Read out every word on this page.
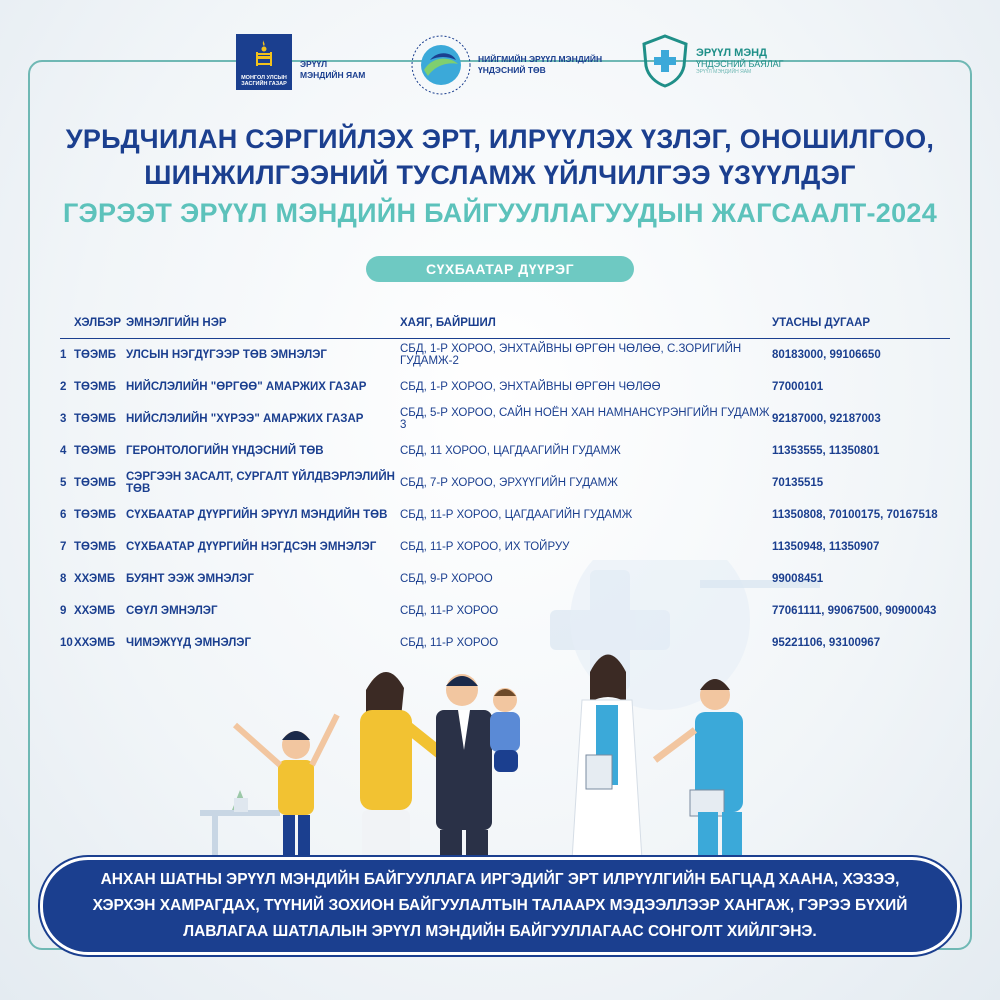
МОНГОЛ УЛСЫН ЗАСГИЙН ГАЗАР
ЭРҮҮЛ
МЭНДИЙН ЯАМ
НИЙГМИЙН ЭРҮҮЛ МЭНДИЙН
ҮНДЭСНИЙ ТӨВ
ЭРҮҮЛ МЭНД
ҮНДЭСНИЙ БАЯЛАГ
ЭРҮҮЛ МЭНДИЙН ЯАМ
УРЬДЧИЛАН СЭРГИЙЛЭХ ЭРТ, ИЛРҮҮЛЭХ ҮЗЛЭГ, ОНОШИЛГОО,
ШИНЖИЛГЭЭНИЙ ТУСЛАМЖ ҮЙЛЧИЛГЭЭ ҮЗҮҮЛДЭГ
ГЭРЭЭТ ЭРҮҮЛ МЭНДИЙН БАЙГУУЛЛАГУУДЫН ЖАГСААЛТ-2024
СҮХБААТАР ДҮҮРЭГ
ХЭЛБЭР ЭМНЭЛГИЙН НЭР	ХАЯГ, БАЙРШИЛ	УТАСНЫ ДУГААР
1 ТӨЭМБ УЛСЫН НЭГДҮГЭЭР ТӨВ ЭМНЭЛЭГ	СБД, 1-Р ХОРОО, ЭНХТАЙВНЫ ӨРГӨН ЧӨЛӨӨ, С.ЗОРИГИЙН ГУДАМЖ-2	80183000, 99106650
2 ТӨЭМБ НИЙСЛЭЛИЙН "ӨРГӨӨ" АМАРЖИХ ГАЗАР	СБД, 1-Р ХОРОО, ЭНХТАЙВНЫ ӨРГӨН ЧӨЛӨӨ	77000101
3 ТӨЭМБ НИЙСЛЭЛИЙН "ХҮРЭЭ" АМАРЖИХ ГАЗАР	СБД, 5-Р ХОРОО, САЙН НОЁН ХАН НАМНАНСҮРЭНГИЙН ГУДАМЖ 3	92187000, 92187003
4 ТӨЭМБ ГЕРОНТОЛОГИЙН ҮНДЭСНИЙ ТӨВ	СБД, 11 ХОРОО, ЦАГДААГИЙН ГУДАМЖ	11353555, 11350801
5 ТӨЭМБ СЭРГЭЭН ЗАСАЛТ, СУРГАЛТ ҮЙЛДВЭРЛЭЛИЙН ТӨВ	СБД, 7-Р ХОРОО, ЭРХҮҮГИЙН ГУДАМЖ	70135515
6 ТӨЭМБ СҮХБААТАР ДҮҮРГИЙН ЭРҮҮЛ МЭНДИЙН ТӨВ	СБД, 11-Р ХОРОО, ЦАГДААГИЙН ГУДАМЖ	11350808, 70100175, 70167518
7 ТӨЭМБ СҮХБААТАР ДҮҮРГИЙН НЭГДСЭН ЭМНЭЛЭГ	СБД, 11-Р ХОРОО, ИХ ТОЙРУУ	11350948, 11350907
8 ХХЭМБ БУЯНТ ЭЭЖ ЭМНЭЛЭГ	СБД, 9-Р ХОРОО	99008451
9 ХХЭМБ СӨҮЛ ЭМНЭЛЭГ	СБД, 11-Р ХОРОО	77061111, 99067500, 90900043
10 ХХЭМБ ЧИМЭЖҮҮД ЭМНЭЛЭГ	СБД, 11-Р ХОРОО	95221106, 93100967
АНХАН ШАТНЫ ЭРҮҮЛ МЭНДИЙН БАЙГУУЛЛАГА ИРГЭДИЙГ ЭРТ ИЛРҮҮЛГИЙН БАГЦАД ХААНА, ХЭЗЭЭ, ХЭРХЭН ХАМРАГДАХ, ТҮҮНИЙ ЗОХИОН БАЙГУУЛАЛТЫН ТАЛААРХ МЭДЭЭЛЛЭЭР ХАНГАЖ, ГЭРЭЭ БҮХИЙ ЛАВЛАГАА ШАТЛАЛЫН ЭРҮҮЛ МЭНДИЙН БАЙГУУЛЛАГААС СОНГОЛТ ХИЙЛГЭНЭ.
